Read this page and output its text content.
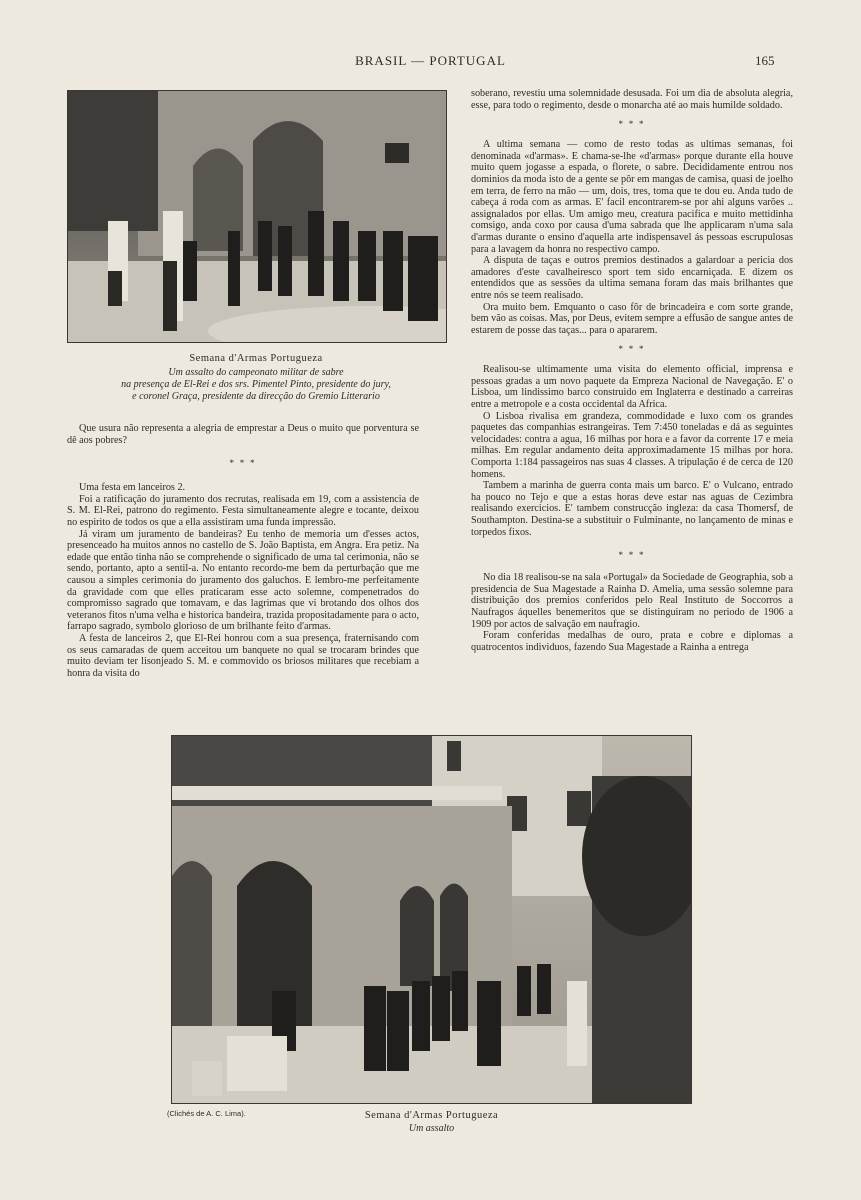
BRASIL — PORTUGAL	165
Semana d'Armas Portugueza
Um assalto do campeonato militar de sabre
na presença de El-Rei e dos srs. Pimentel Pinto, presidente do jury,
e coronel Graça, presidente da direcção do Gremio Litterario

Que usura não representa a alegria de emprestar a Deus o muito que porventura se dê aos pobres?

* * *

Uma festa em lanceiros 2.

Foi a ratificação do juramento dos recrutas, realisada em 19, com a assistencia de S. M. El-Rei, patrono do regimento. Festa simultaneamente alegre e tocante, deixou no espirito de todos os que a ella assistiram uma funda impressão.

Já viram um juramento de bandeiras? Eu tenho de memoria um d'esses actos, presenceado ha muitos annos no castello de S. João Baptista, em Angra. Era petiz. Na edade que então tinha não se comprehende o significado de uma tal cerimonia, não se sendo, portanto, apto a sentil-a. No entanto recordo-me bem da perturbação que me causou a simples cerimonia do juramento dos galuchos. E lembro-me perfeitamente da gravidade com que elles praticaram esse acto solemne, compenetrados do compromisso sagrado que tomavam, e das lagrimas que vi brotando dos olhos dos veteranos fitos n'uma velha e historica bandeira, trazida propositadamente para o acto, farrapo sagrado, symbolo glorioso de um brilhante feito d'armas.

A festa de lanceiros 2, que El-Rei honrou com a sua presença, fraternisando com os seus camaradas de quem acceitou um banquete no qual se trocaram brindes que muito deviam ter lisonjeado S. M. e commovido os briosos militares que recebiam a honra da visita do

soberano, revestiu uma solemnidade desusada. Foi um dia de absoluta alegria, esse, para todo o regimento, desde o monarcha até ao mais humilde soldado.

* * *

A ultima semana — como de resto todas as ultimas semanas, foi denominada «d'armas». E chama-se-lhe «d'armas» porque durante ella houve muito quem jogasse a espada, o florete, o sabre. Decididamente entrou nos dominios da moda isto de a gente se pôr em mangas de camisa, quasi de joelho em terra, de ferro na mão — um, dois, tres, toma que te dou eu. Anda tudo de cabeça á roda com as armas. E' facil encontrarem-se por ahi alguns varões .. assignalados por ellas. Um amigo meu, creatura pacifica e muito mettidinha comsigo, anda coxo por causa d'uma sabrada que lhe applicaram n'uma sala d'armas durante o ensino d'aquella arte indispensavel ás pessoas escrupulosas para a lavagem da honra no respectivo campo.

A disputa de taças e outros premios destinados a galardoar a pericia dos amadores d'este cavalheiresco sport tem sido encarniçada. E dizem os entendidos que as sessões da ultima semana foram das mais brilhantes que entre nós se teem realisado.

Ora muito bem. Emquanto o caso fôr de brincadeira e com sorte grande, bem vão as coisas. Mas, por Deus, evitem sempre a effusão de sangue antes de estarem de posse das taças... para o apararem.

* * *

Realisou-se ultimamente uma visita do elemento official, imprensa e pessoas gradas a um novo paquete da Empreza Nacional de Navegação. E' o Lisboa, um lindissimo barco construido em Inglaterra e destinado a carreiras entre a metropole e a costa occidental da Africa.

O Lisboa rivalisa em grandeza, commodidade e luxo com os grandes paquetes das companhias estrangeiras. Tem 7:450 toneladas e dá as seguintes velocidades: contra a agua, 16 milhas por hora e a favor da corrente 17 e meia milhas. Em regular andamento deita approximadamente 15 milhas por hora. Comporta 1:184 passageiros nas suas 4 classes. A tripulação é de cerca de 120 homens.

Tambem a marinha de guerra conta mais um barco. E' o Vulcano, entrado ha pouco no Tejo e que a estas horas deve estar nas aguas de Cezimbra realisando exercicios. E' tambem construcção ingleza: da casa Thomersf, de Southampton. Destina-se a substituir o Fulminante, no lançamento de minas e torpedos fixos.

* * *

No dia 18 realisou-se na sala «Portugal» da Sociedade de Geographia, sob a presidencia de Sua Magestade a Rainha D. Amelia, uma sessão solemne para distribuição dos premios conferidos pelo Real Instituto de Soccorros a Naufragos áquelles benemeritos que se distinguiram no periodo de 1906 a 1909 por actos de salvação em naufragio.

Foram conferidas medalhas de ouro, prata e cobre e diplomas a quatrocentos individuos, fazendo Sua Magestade a Rainha a entrega

(Clichés de A. C. Lima).	Semana d'Armas Portugueza
Um assalto
